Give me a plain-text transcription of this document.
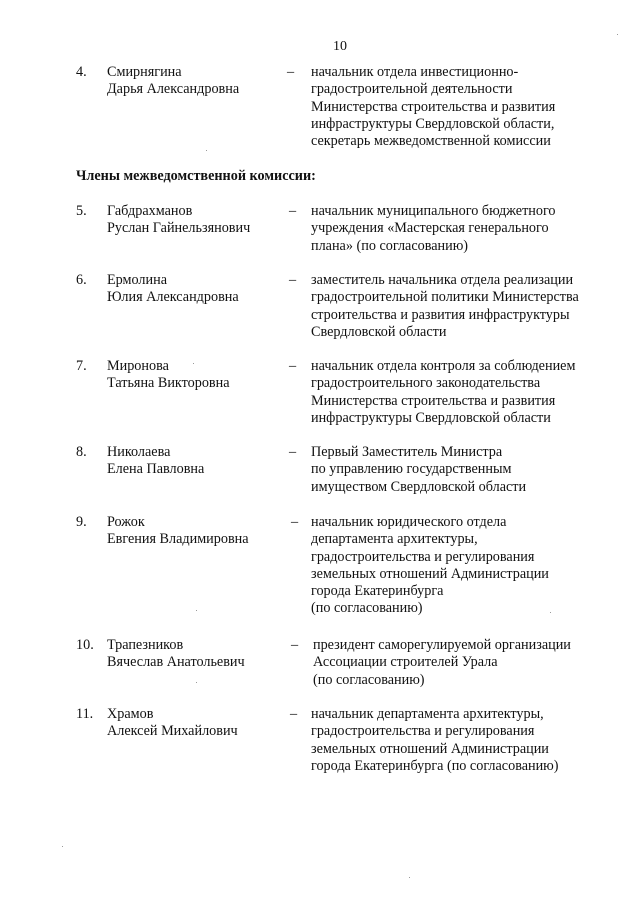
10
4. Смирнягина
Дарья Александровна
– начальник отдела инвестиционно-
градостроительной деятельности
Министерства строительства и развития
инфраструктуры Свердловской области,
секретарь межведомственной комиссии
Члены межведомственной комиссии:
5. Габдрахманов
Руслан Гайнельзянович
– начальник муниципального бюджетного
учреждения «Мастерская генерального
плана» (по согласованию)
6. Ермолина
Юлия Александровна
– заместитель начальника отдела реализации
градостроительной политики Министерства
строительства и развития инфраструктуры
Свердловской области
7. Миронова
Татьяна Викторовна
– начальник отдела контроля за соблюдением
градостроительного законодательства
Министерства строительства и развития
инфраструктуры Свердловской области
8. Николаева
Елена Павловна
– Первый Заместитель Министра
по управлению государственным
имуществом Свердловской области
9. Рожок
Евгения Владимировна
– начальник юридического отдела
департамента архитектуры,
градостроительства и регулирования
земельных отношений Администрации
города Екатеринбурга
(по согласованию)
10. Трапезников
Вячеслав Анатольевич
– президент саморегулируемой организации
Ассоциации строителей Урала
(по согласованию)
11. Храмов
Алексей Михайлович
– начальник департамента архитектуры,
градостроительства и регулирования
земельных отношений Администрации
города Екатеринбурга (по согласованию)
